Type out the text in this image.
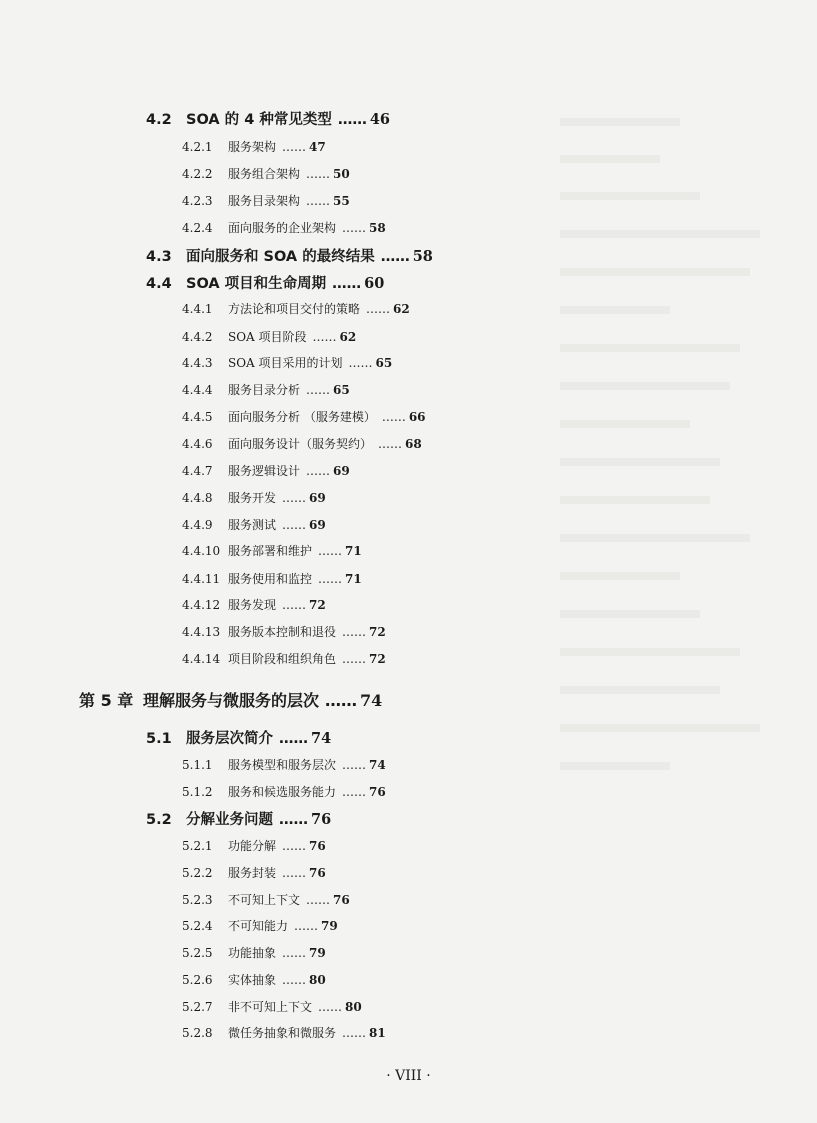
4.2 SOA 的 4 种常见类型 …… 46
4.2.1 服务架构 …… 47
4.2.2 服务组合架构 …… 50
4.2.3 服务目录架构 …… 55
4.2.4 面向服务的企业架构 …… 58
4.3 面向服务和 SOA 的最终结果 …… 58
4.4 SOA 项目和生命周期 …… 60
4.4.1 方法论和项目交付的策略 …… 62
4.4.2 SOA 项目阶段 …… 62
4.4.3 SOA 项目采用的计划 …… 65
4.4.4 服务目录分析 …… 65
4.4.5 面向服务分析 （服务建模） …… 66
4.4.6 面向服务设计（服务契约） …… 68
4.4.7 服务逻辑设计 …… 69
4.4.8 服务开发 …… 69
4.4.9 服务测试 …… 69
4.4.10 服务部署和维护 …… 71
4.4.11 服务使用和监控 …… 71
4.4.12 服务发现 …… 72
4.4.13 服务版本控制和退役 …… 72
4.4.14 项目阶段和组织角色 …… 72
第 5 章 理解服务与微服务的层次 …… 74
5.1 服务层次简介 …… 74
5.1.1 服务模型和服务层次 …… 74
5.1.2 服务和候选服务能力 …… 76
5.2 分解业务问题 …… 76
5.2.1 功能分解 …… 76
5.2.2 服务封装 …… 76
5.2.3 不可知上下文 …… 76
5.2.4 不可知能力 …… 79
5.2.5 功能抽象 …… 79
5.2.6 实体抽象 …… 80
5.2.7 非不可知上下文 …… 80
5.2.8 微任务抽象和微服务 …… 81
· VIII ·
